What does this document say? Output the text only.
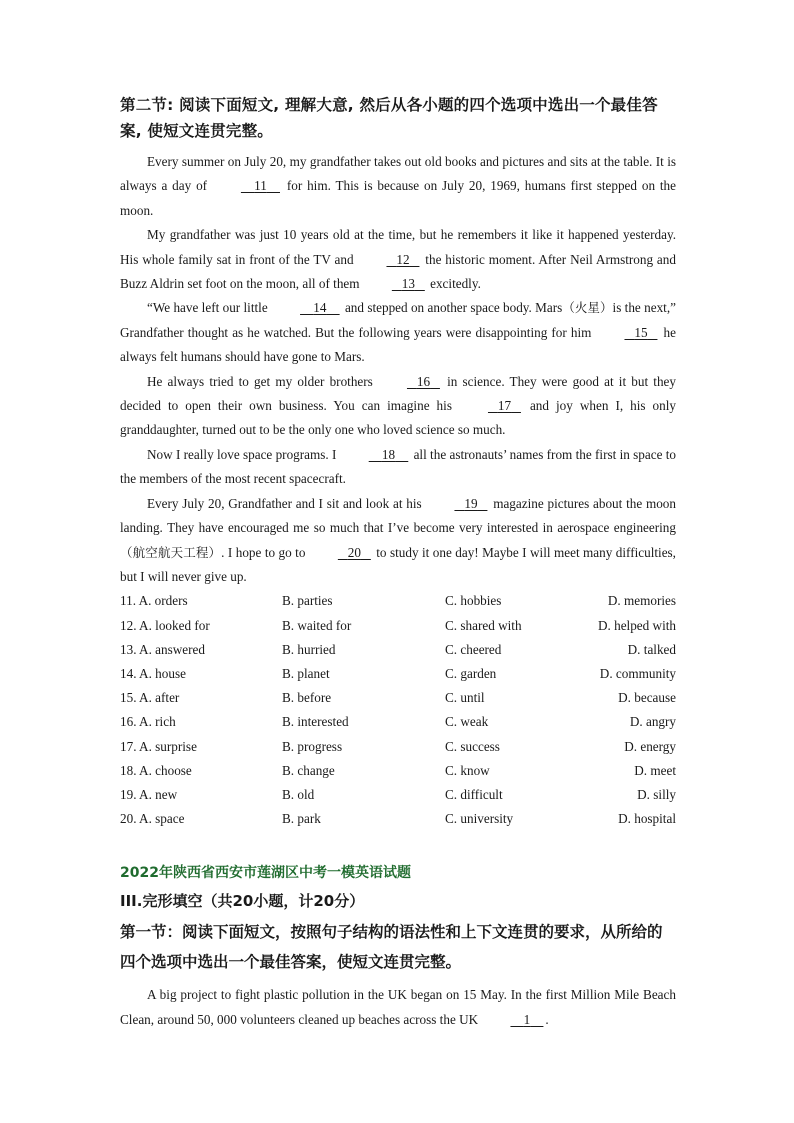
第二节: 阅读下面短文, 理解大意, 然后从各小题的四个选项中选出一个最佳答案, 使短文连贯完整。

Every summer on July 20, my grandfather takes out old books and pictures and sits at the table. It is always a day of	11     for him. This is because on July 20, 1969, humans first stepped on the moon.

My grandfather was just 10 years old at the time, but he remembers it like it happened yesterday. His whole family sat in front of the TV and	12    the historic moment. After Neil Armstrong and Buzz Aldrin set foot on the moon, all of them	13    excitedly.

“We have left our little	14     and stepped on another space body. Mars（火星）is the next,” Grandfather thought as he watched. But the following years were disappointing for him	15    he always felt humans should have gone to Mars.

He always tried to get my older brothers	16    in science. They were good at it but they decided to open their own business. You can imagine his	17    and joy when I, his only granddaughter, turned out to be the only one who loved science so much.

Now I really love space programs. I	18     all the astronauts’ names from the first in space to the members of the most recent spacecraft.

Every July 20, Grandfather and I sit and look at his	19    magazine pictures about the moon landing. They have encouraged me so much that I’ve become very interested in aerospace engineering（航空航天工程）. I hope to go to	20    to study it one day! Maybe I will meet many difficulties, but I will never give up.

11. A. orders	B. parties	C. hobbies	D. memories
12. A. looked for	B. waited for	C. shared with	D. helped with
13. A. answered	B. hurried	C. cheered	D. talked
14. A. house	B. planet	C. garden	D. community
15. A. after	B. before	C. until	D. because
16. A. rich	B. interested	C. weak	D. angry
17. A. surprise	B. progress	C. success	D. energy
18. A. choose	B. change	C. know	D. meet
19. A. new	B. old	C. difficult	D. silly
20. A. space	B. park	C. university	D. hospital
2022年陕西省西安市莲湖区中考一模英语试题
III.完形填空（共20小题，计20分）
第一节：阅读下面短文，按照句子结构的语法性和上下文连贯的要求，从所给的四个选项中选出一个最佳答案，使短文连贯完整。

A big project to fight plastic pollution in the UK began on 15 May. In the first Million Mile Beach Clean, around 50, 000 volunteers cleaned up beaches across the UK	1 .
